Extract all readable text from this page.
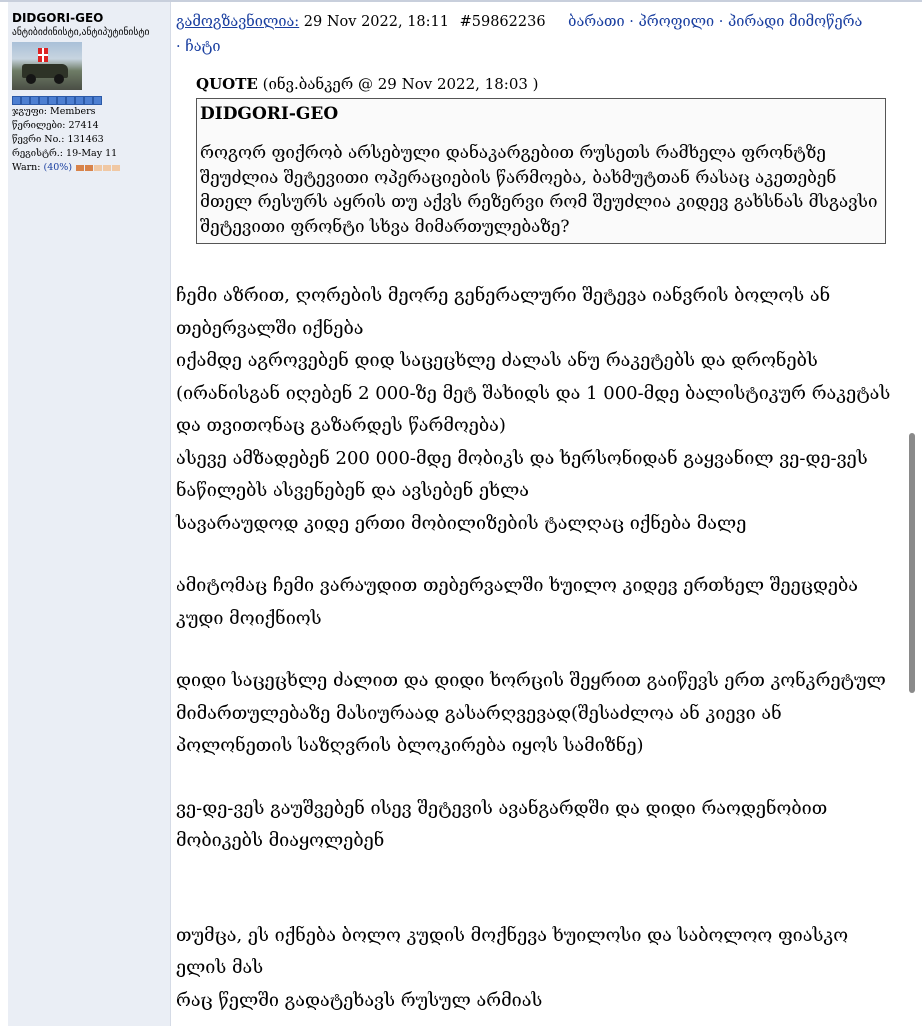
DIDGORI-GEO
ანტიბიძინისტი,ანტიპუტინისტი
ჯგუფი: Members
წერილები: 27414
წევრი No.: 131463
რეგისტრ.: 19-May 11
Warn: (40%)
გამოგზავნილია: 29 Nov 2022, 18:11 #59862236 ბარათი · პროფილი · პირადი მიმოწერა
· ჩატი
QUOTE (ინვ.ბანკერ @ 29 Nov 2022, 18:03 )
DIDGORI-GEO
როგორ ფიქრობ არსებული დანაკარგებით რუსეთს რამხელა ფრონტზე შეუძლია შეტევითი ოპერაციების წარმოება, ბახმუტთან რასაც აკეთებენ მთელ რესურს აყრის თუ აქვს რეზერვი რომ შეუძლია კიდევ გახსნას მსგავსი შეტევითი ფრონტი სხვა მიმართულებაზე?

ჩემი აზრით, ღორების მეორე გენერალური შეტევა იანვრის ბოლოს ან თებერვალში იქნება

იქამდე აგროვებენ დიდ საცეცხლე ძალას ანუ რაკეტებს და დრონებს (ირანისგან იღებენ 2 000-ზე მეტ შახიდს და 1 000-მდე ბალისტიკურ რაკეტას და თვითონაც გაზარდეს წარმოება)

ასევე ამზადებენ 200 000-მდე მობიკს და ხერსონიდან გაყვანილ ვე-დე-ვეს ნაწილებს ასვენებენ და ავსებენ ეხლა

სავარაუდოდ კიდე ერთი მობილიზების ტალღაც იქნება მალე

ამიტომაც ჩემი ვარაუდით თებერვალში ხუილო კიდევ ერთხელ შეეცდება კუდი მოიქნიოს

დიდი საცეცხლე ძალით და დიდი ხორცის შეყრით გაიწევს ერთ კონკრეტულ მიმართულებაზე მასიურაად გასარღვევად(შესაძლოა ან კიევი ან პოლონეთის საზღვრის ბლოკირება იყოს სამიზნე)

ვე-დე-ვეს გაუშვებენ ისევ შეტევის ავანგარდში და დიდი რაოდენობით მობიკებს მიაყოლებენ

თუმცა, ეს იქნება ბოლო კუდის მოქნევა ხუილოსი და საბოლოო ფიასკო ელის მას

რაც წელში გადატეხავს რუსულ არმიას
